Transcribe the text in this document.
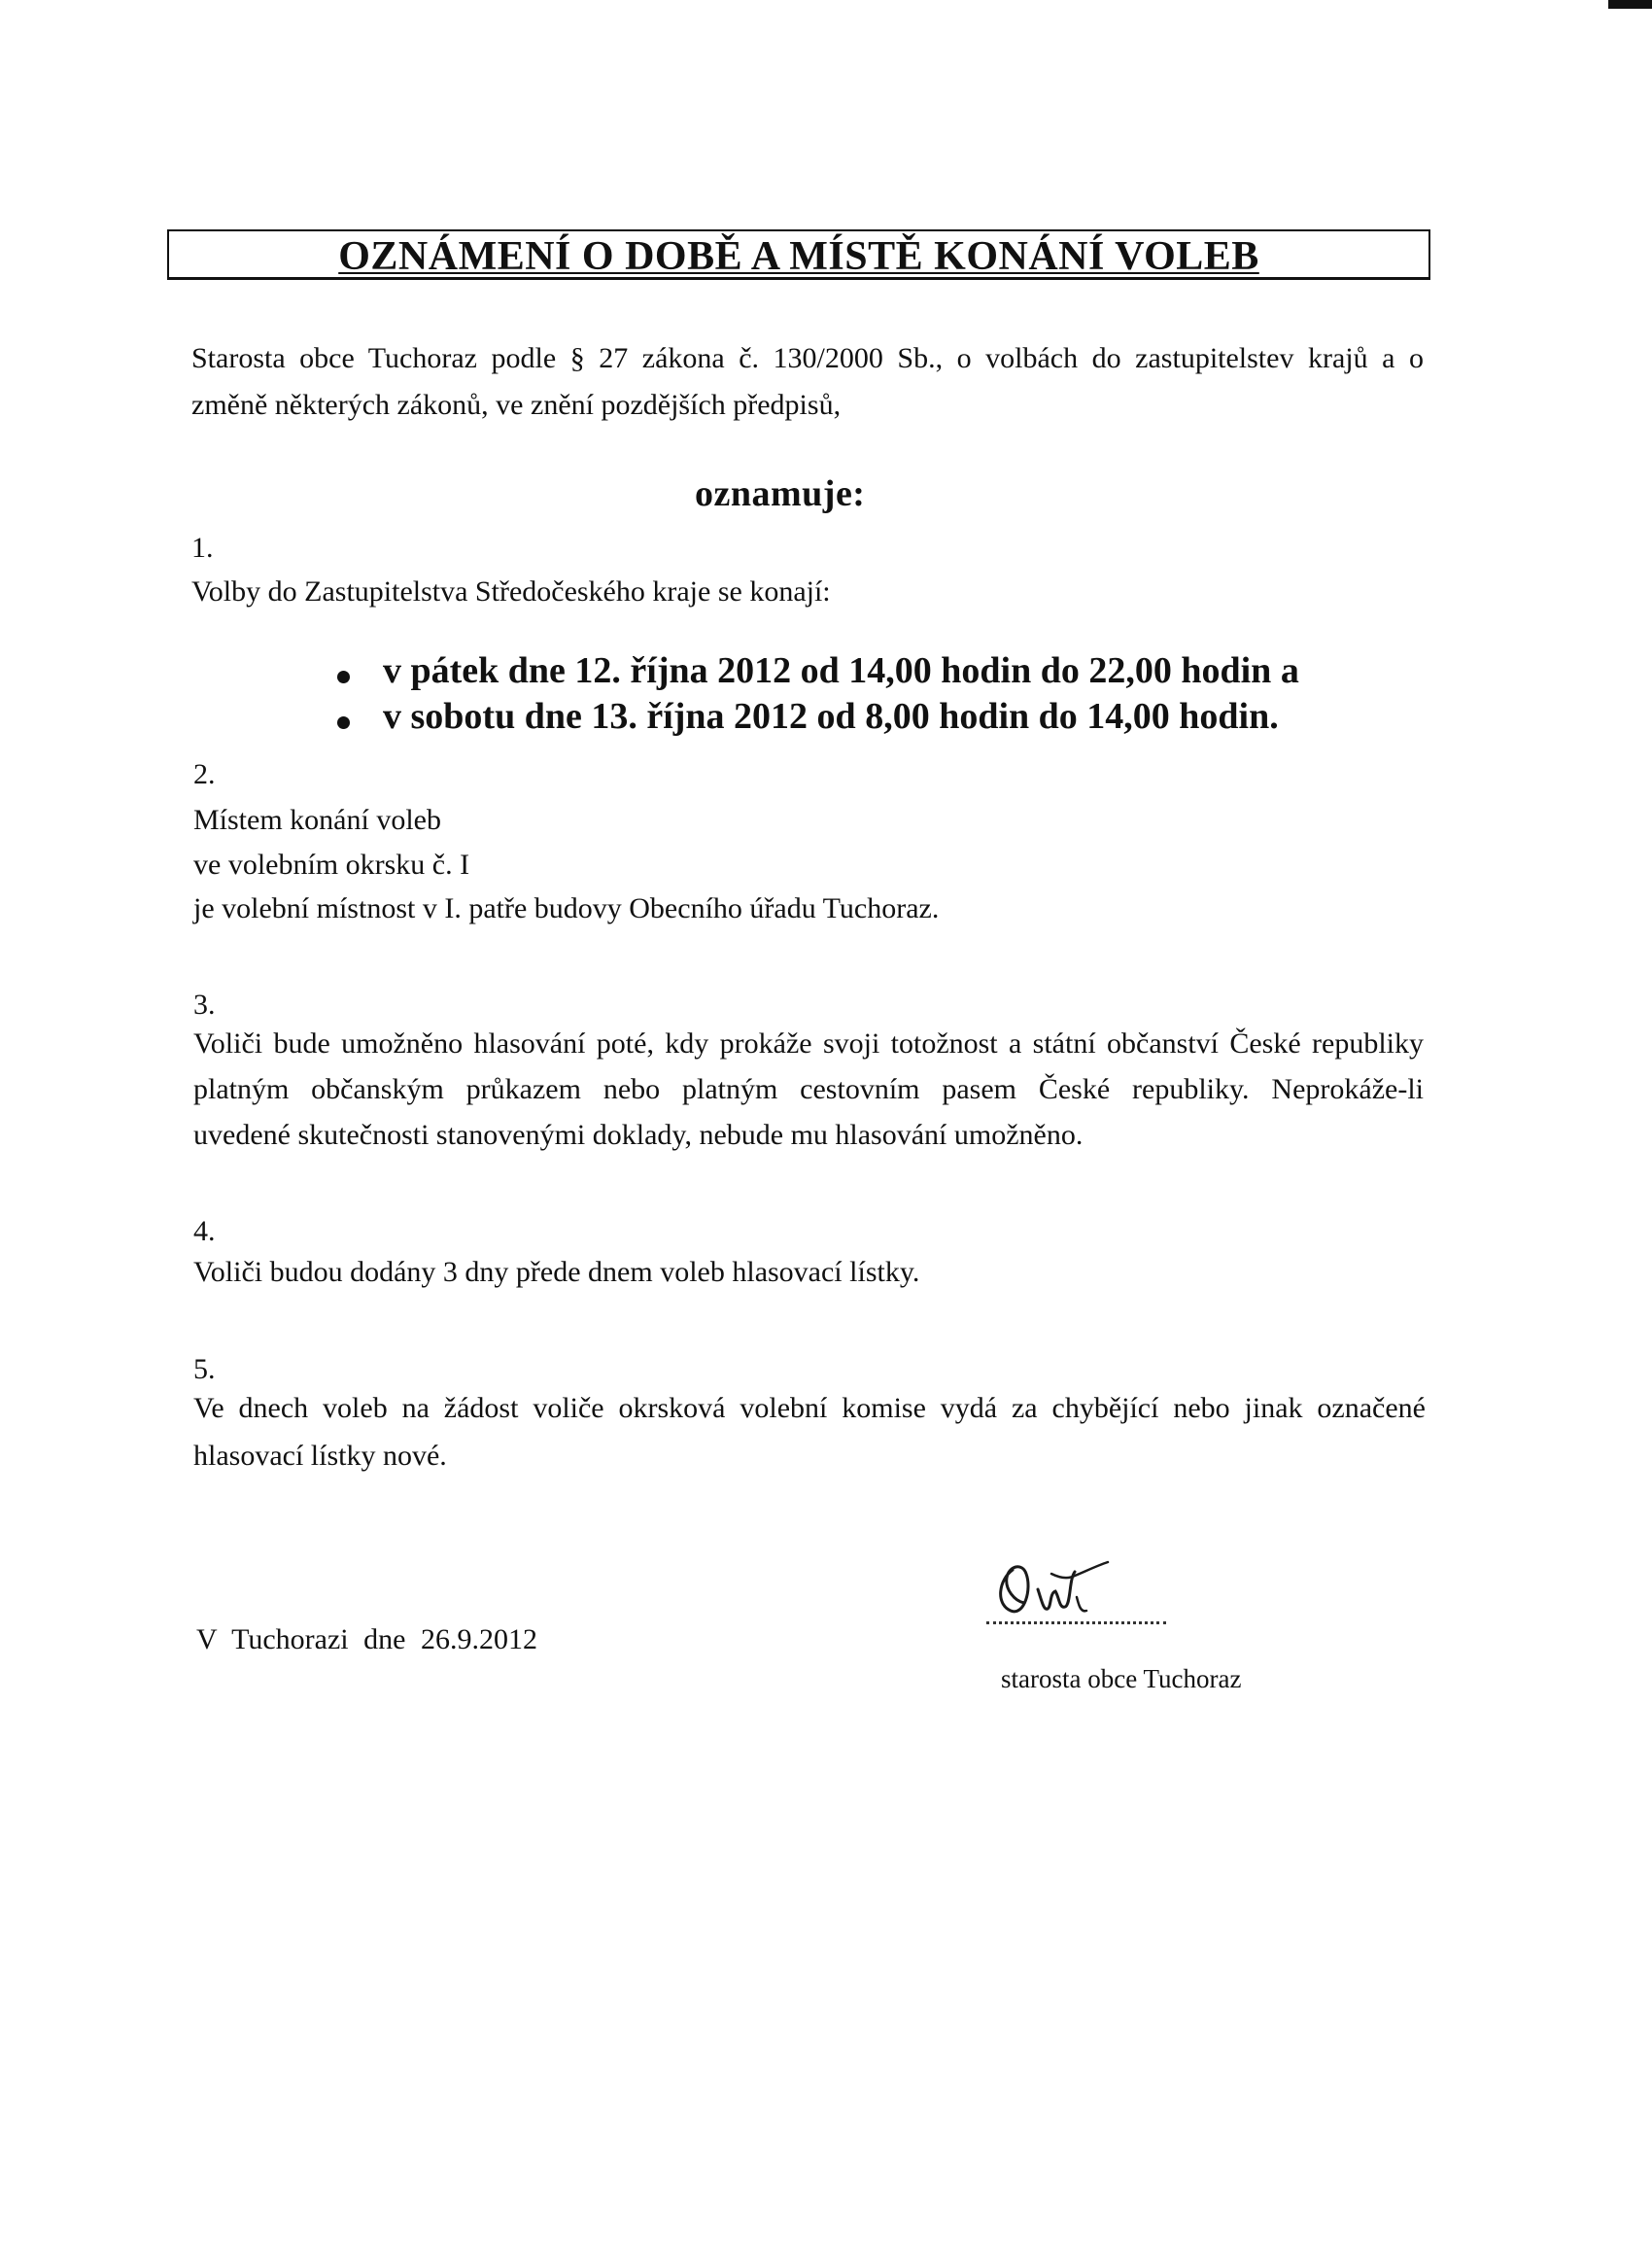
OZNÁMENÍ O DOBĚ A MÍSTĚ KONÁNÍ VOLEB
Starosta obce Tuchoraz podle § 27 zákona č. 130/2000 Sb., o volbách do zastupitelstev krajů a o
změně některých zákonů, ve znění pozdějších předpisů,
oznamuje:
1.
Volby do Zastupitelstva Středočeského kraje se konají:
v pátek dne 12. října 2012 od 14,00 hodin do 22,00 hodin a
v sobotu dne 13. října 2012 od 8,00 hodin do 14,00 hodin.
2.
Místem konání voleb
ve volebním okrsku č. I
je volební místnost v I. patře budovy Obecního úřadu Tuchoraz.
3.
Voliči bude umožněno hlasování poté, kdy prokáže svoji totožnost a státní občanství České republiky
platným občanským průkazem nebo platným cestovním pasem České republiky. Neprokáže-li
uvedené skutečnosti stanovenými doklady, nebude mu hlasování umožněno.
4.
Voliči budou dodány 3 dny přede dnem voleb hlasovací lístky.
5.
Ve dnech voleb na žádost voliče okrsková volební komise vydá za chybějící nebo jinak označené
hlasovací lístky nové.
V Tuchorazi dne 26.9.2012
starosta obce Tuchoraz
